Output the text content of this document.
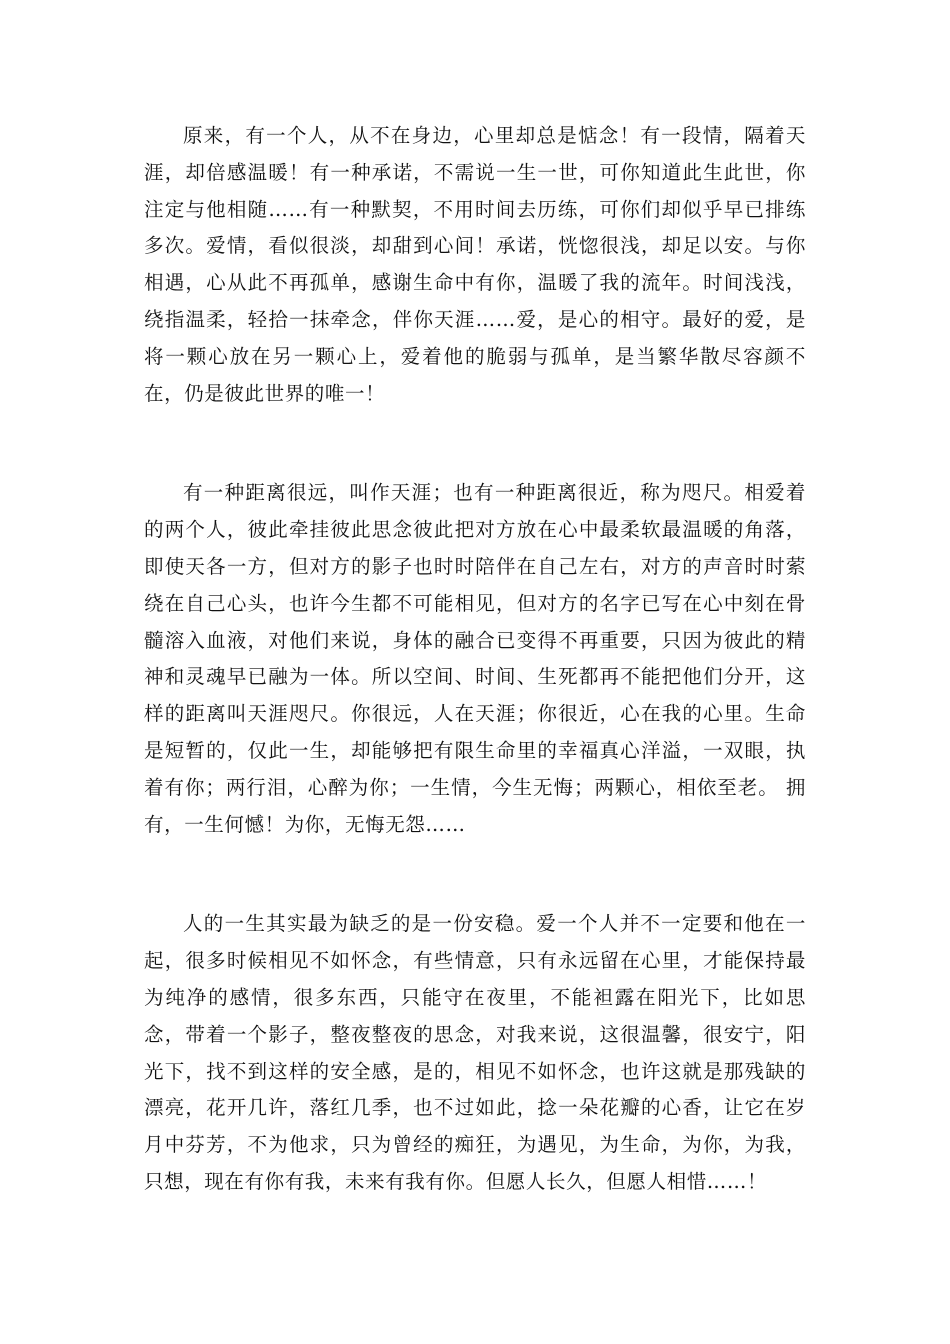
原来，有一个人，从不在身边，心里却总是惦念！有一段情，隔着天涯，却倍感温暖！有一种承诺，不需说一生一世，可你知道此生此世，你注定与他相随……有一种默契，不用时间去历练，可你们却似乎早已排练多次。爱情，看似很淡，却甜到心间！承诺，恍惚很浅，却足以安。与你相遇，心从此不再孤单，感谢生命中有你，温暖了我的流年。时间浅浅，绕指温柔，轻拾一抹牵念，伴你天涯……爱，是心的相守。最好的爱，是将一颗心放在另一颗心上，爱着他的脆弱与孤单，是当繁华散尽容颜不在，仍是彼此世界的唯一！

有一种距离很远，叫作天涯；也有一种距离很近，称为咫尺。相爱着的两个人，彼此牵挂彼此思念彼此把对方放在心中最柔软最温暖的角落，即使天各一方，但对方的影子也时时陪伴在自己左右，对方的声音时时萦绕在自己心头，也许今生都不可能相见，但对方的名字已写在心中刻在骨髓溶入血液，对他们来说，身体的融合已变得不再重要，只因为彼此的精神和灵魂早已融为一体。所以空间、时间、生死都再不能把他们分开，这样的距离叫天涯咫尺。你很远，人在天涯；你很近，心在我的心里。生命是短暂的，仅此一生，却能够把有限生命里的幸福真心洋溢，一双眼，执着有你；两行泪，心醉为你；一生情，今生无悔；两颗心，相依至老。 拥有，一生何憾！为你，无悔无怨……

人的一生其实最为缺乏的是一份安稳。爱一个人并不一定要和他在一起，很多时候相见不如怀念，有些情意，只有永远留在心里，才能保持最为纯净的感情，很多东西，只能守在夜里，不能袒露在阳光下，比如思念，带着一个影子，整夜整夜的思念，对我来说，这很温馨，很安宁，阳光下，找不到这样的安全感，是的，相见不如怀念，也许这就是那残缺的漂亮，花开几许，落红几季，也不过如此，捻一朵花瓣的心香，让它在岁月中芬芳，不为他求，只为曾经的痴狂，为遇见，为生命，为你，为我，只想，现在有你有我，未来有我有你。但愿人长久，但愿人相惜……！
